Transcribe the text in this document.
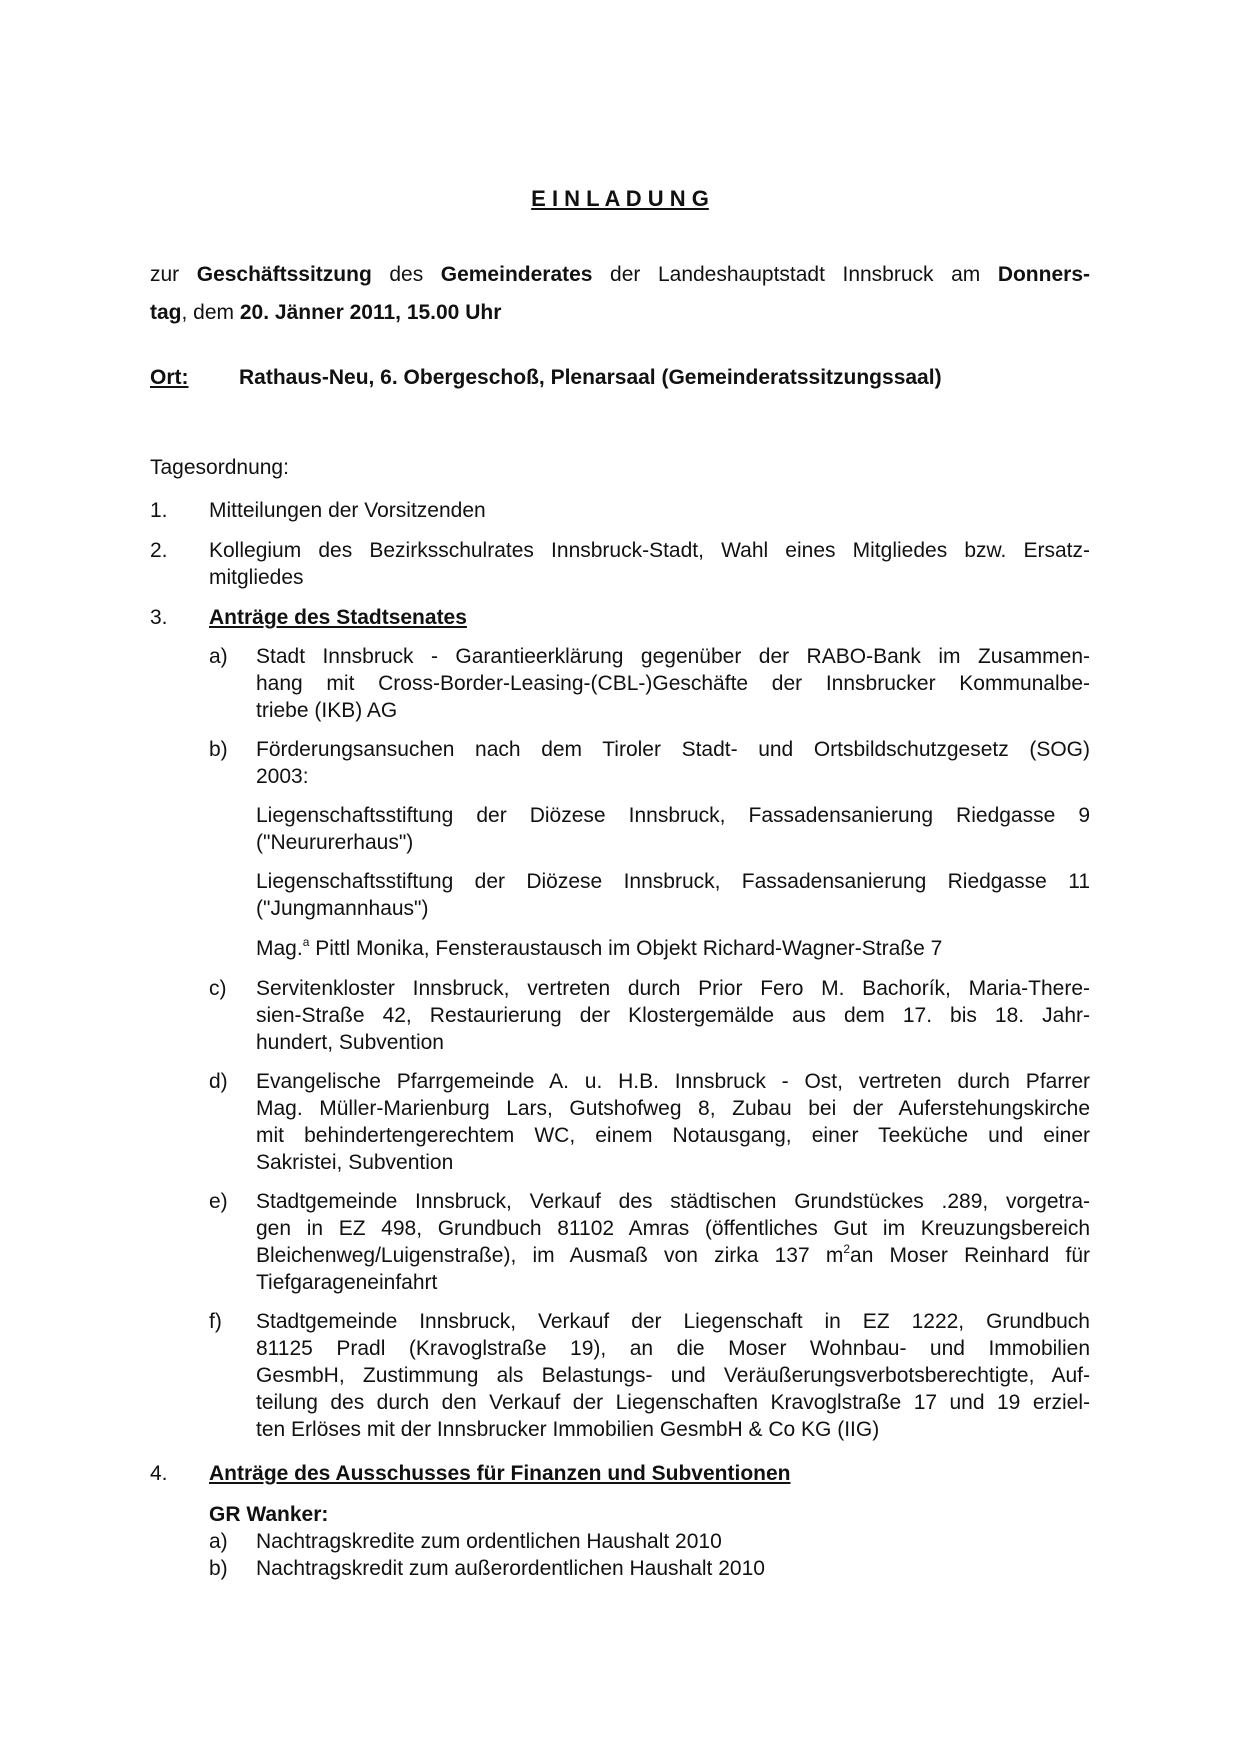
E I N L A D U N G
zur Geschäftssitzung des Gemeinderates der Landeshauptstadt Innsbruck am Donners-
tag, dem 20. Jänner 2011, 15.00 Uhr
Ort: Rathaus-Neu, 6. Obergeschoß, Plenarsaal (Gemeinderatssitzungssaal)
Tagesordnung:
1. Mitteilungen der Vorsitzenden
2. Kollegium des Bezirksschulrates Innsbruck-Stadt, Wahl eines Mitgliedes bzw. Ersatz-
mitgliedes
3. Anträge des Stadtsenates
a) Stadt Innsbruck - Garantieerklärung gegenüber der RABO-Bank im Zusammen-
hang mit Cross-Border-Leasing-(CBL-)Geschäfte der Innsbrucker Kommunalbe-
triebe (IKB) AG
b) Förderungsansuchen nach dem Tiroler Stadt- und Ortsbildschutzgesetz (SOG)
2003:
Liegenschaftsstiftung der Diözese Innsbruck, Fassadensanierung Riedgasse 9
("Neururerhaus")
Liegenschaftsstiftung der Diözese Innsbruck, Fassadensanierung Riedgasse 11
("Jungmannhaus")
Mag.$^a$ Pittl Monika, Fensteraustausch im Objekt Richard-Wagner-Straße 7
c) Servitenkloster Innsbruck, vertreten durch Prior Fero M. Bachorík, Maria-There-
sien-Straße 42, Restaurierung der Klostergemälde aus dem 17. bis 18. Jahr-
hundert, Subvention
d) Evangelische Pfarrgemeinde A. u. H.B. Innsbruck - Ost, vertreten durch Pfarrer
Mag. Müller-Marienburg Lars, Gutshofweg 8, Zubau bei der Auferstehungskirche
mit behindertengerechtem WC, einem Notausgang, einer Teeküche und einer
Sakristei, Subvention
e) Stadtgemeinde Innsbruck, Verkauf des städtischen Grundstückes .289, vorgetra-
gen in EZ 498, Grundbuch 81102 Amras (öffentliches Gut im Kreuzungsbereich
Bleichenweg/Luigenstraße), im Ausmaß von zirka 137 $m^2an$ Moser Reinhard für
Tiefgarageneinfahrt
f) Stadtgemeinde Innsbruck, Verkauf der Liegenschaft in EZ 1222, Grundbuch
81125 Pradl (Kravoglstraße 19), an die Moser Wohnbau- und Immobilien
GesmbH, Zustimmung als Belastungs- und Veräußerungsverbotsberechtigte, Auf-
teilung des durch den Verkauf der Liegenschaften Kravoglstraße 17 und 19 erziel-
ten Erlöses mit der Innsbrucker Immobilien GesmbH & Co KG (IIG)
4. Anträge des Ausschusses für Finanzen und Subventionen
GR Wanker:
a) Nachtragskredite zum ordentlichen Haushalt 2010
b) Nachtragskredit zum außerordentlichen Haushalt 2010
